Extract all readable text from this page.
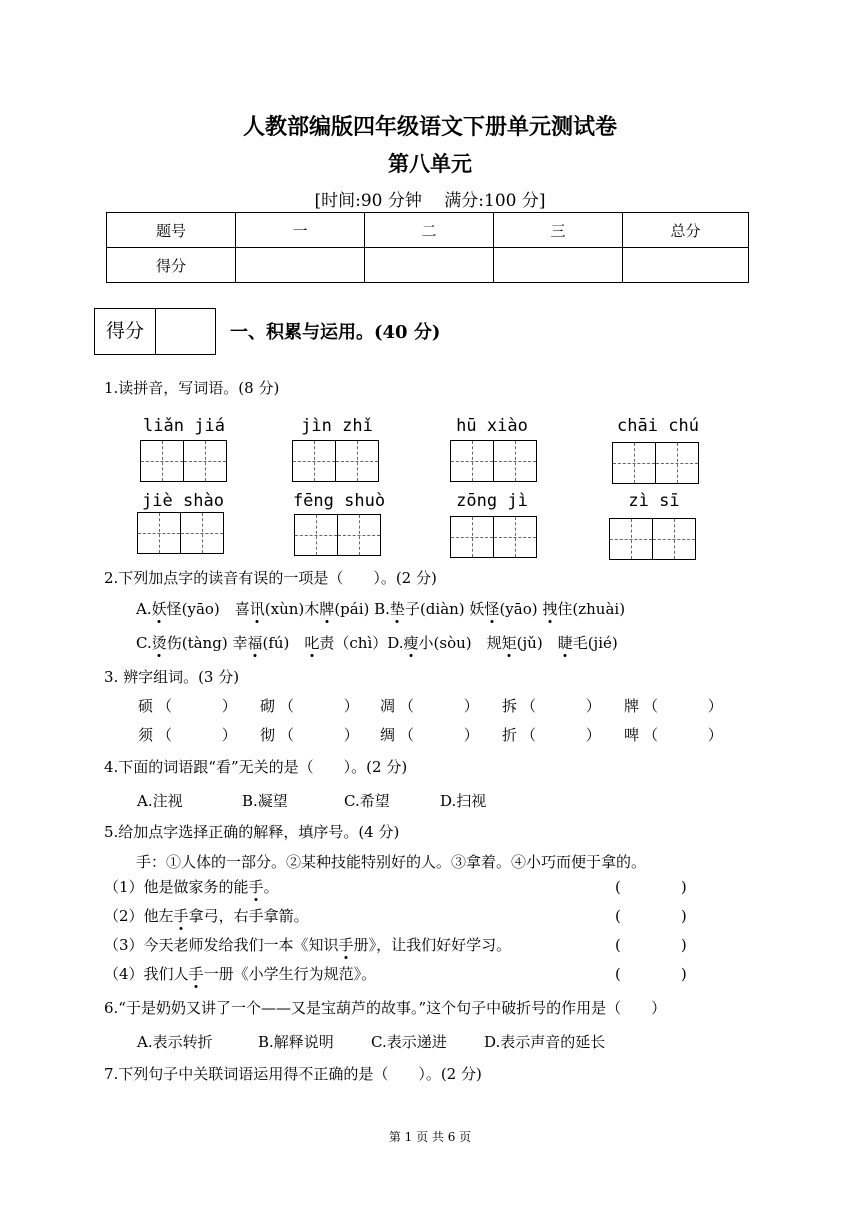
人教部编版四年级语文下册单元测试卷
第八单元
[时间:90 分钟　 满分:100 分]
题号	一	二	三	总分
得分				
得分	一、积累与运用。(40 分)
1.读拼音，写词语。(8 分)
liǎn jiá	jìn zhǐ	hū xiào	chāi chú
jiè shào	fēng shuò	zōng jì	zì sī
2.下列加点字的读音有误的一项是（　　）。(2 分)
A.妖怪(yāo)　喜讯(xùn)木牌(pái) B.垫子(diàn) 妖怪(yāo) 拽住(zhuài)
C.烫伤(tàng) 幸福(fú)　叱责（chì）D.瘦小(sòu)　规矩(jǔ)　睫毛(jié)
3. 辨字组词。(3 分)
硕 （　　　 ） 砌 （　　　 ） 凋 （　　　 ） 拆 （　　　 ） 牌 （　　　 ）
须 （　　　 ） 彻 （　　　 ） 绸 （　　　 ） 折 （　　　 ） 啤 （　　　 ）
4.下面的词语跟“看”无关的是（　　）。(2 分)
A.注视	B.凝望	C.希望	D.扫视
5.给加点字选择正确的解释，填序号。(4 分)
手：①人体的一部分。②某种技能特别好的人。③拿着。④小巧而便于拿的。
（1）他是做家务的能手。	(　　　　)
（2）他左手拿弓，右手拿箭。	(　　　　)
（3）今天老师发给我们一本《知识手册》，让我们好好学习。	(　　　　)
（4）我们人手一册《小学生行为规范》。	(　　　　)
6.“于是奶奶又讲了一个——又是宝葫芦的故事。”这个句子中破折号的作用是（　　）
A.表示转折	B.解释说明 C.表示递进 D.表示声音的延长
7.下列句子中关联词语运用得不正确的是（　　）。(2 分)
第 1 页 共 6 页
